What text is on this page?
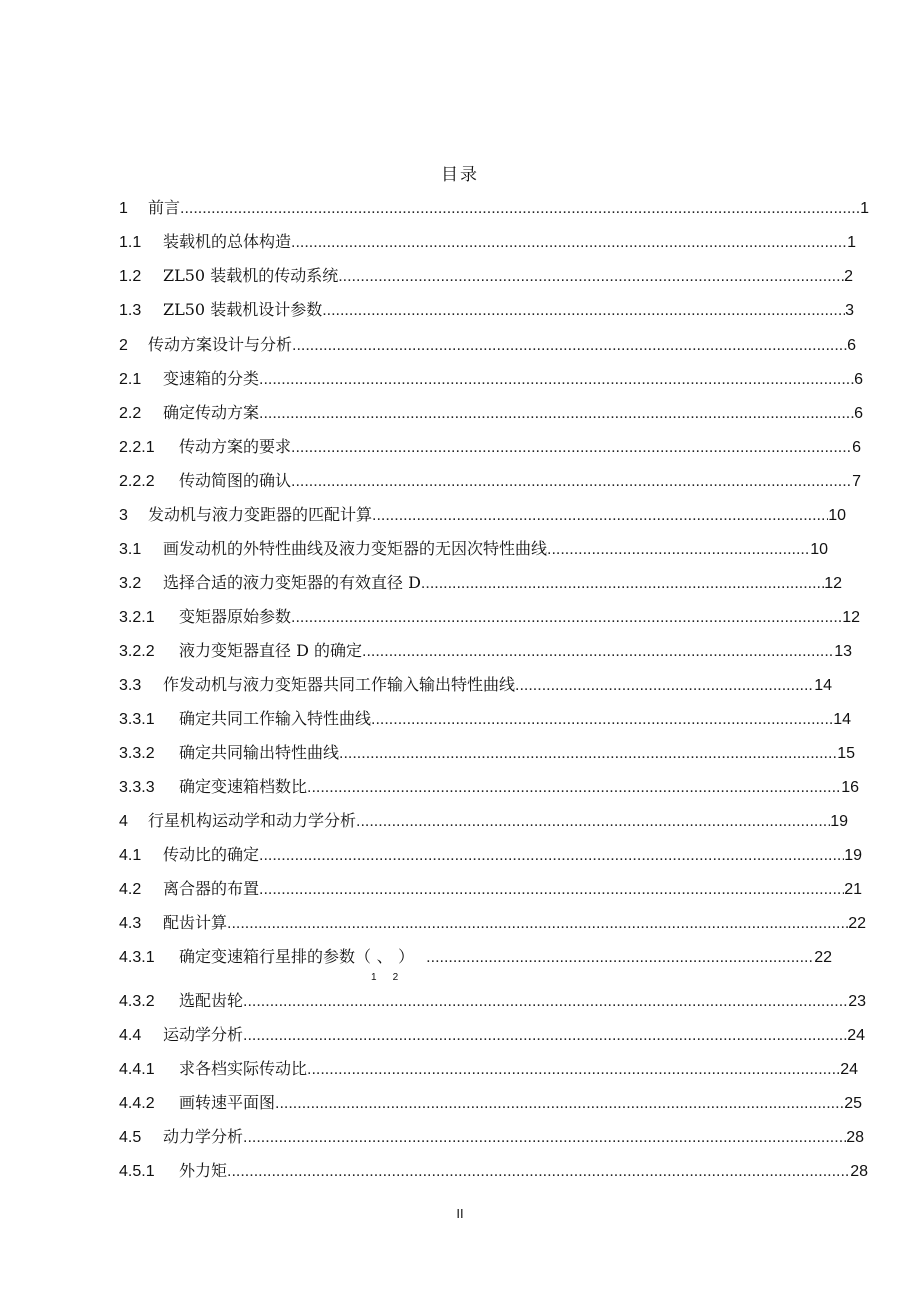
目录
1	前言 .....	1
1.1	装载机的总体构造 .....	1
1.2	ZL50 装载机的传动系统 .....	2
1.3	ZL50 装载机设计参数 .....	3
2	传动方案设计与分析 .....	6
2.1	变速箱的分类 .....	6
2.2	确定传动方案 .....	6
2.2.1	传动方案的要求 .....	6
2.2.2	传动简图的确认 .....	7
3	发动机与液力变距器的匹配计算 .....	10
3.1	画发动机的外特性曲线及液力变矩器的无因次特性曲线 .....	10
3.2	选择合适的液力变矩器的有效直径 D .....	12
3.2.1	变矩器原始参数 .....	12
3.2.2	液力变矩器直径 D 的确定 .....	13
3.3	作发动机与液力变矩器共同工作输入输出特性曲线 .....	14
3.3.1	确定共同工作输入特性曲线 .....	14
3.3.2	确定共同输出特性曲线 .....	15
3.3.3	确定变速箱档数比 .....	16
4	行星机构运动学和动力学分析 .....	19
4.1	传动比的确定 .....	19
4.2	离合器的布置 .....	21
4.3	配齿计算 .....	22
4.3.1	确定变速箱行星排的参数（$_1$、$_2$） .....	22
4.3.2	选配齿轮 .....	23
4.4	运动学分析 .....	24
4.4.1	求各档实际传动比 .....	24
4.4.2	画转速平面图 .....	25
4.5	动力学分析 .....	28
4.5.1	外力矩 .....	28
II
